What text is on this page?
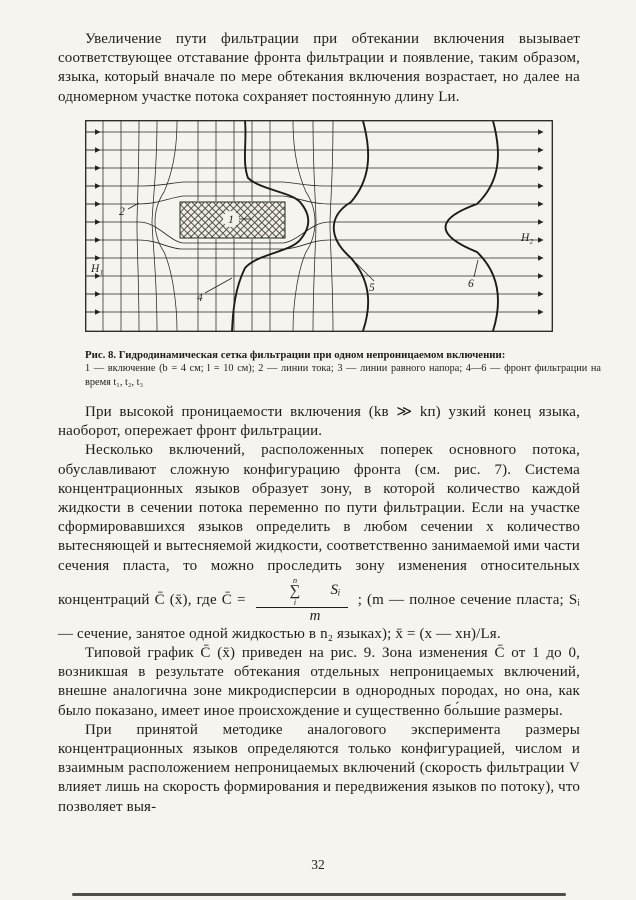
Увеличение пути фильтрации при обтекании включения вызывает соответствующее отставание фронта фильтрации и появление, таким образом, языка, который вначале по мере обтекания включения возрастает, но далее на одномерном участке потока сохраняет постоянную длину Lи.

1
2
4
5	6
H₁
H₂
Рис. 8. Гидродинамическая сетка фильтрации при одном непроницаемом включении:
1 — включение (b = 4 см; l = 10 см); 2 — линии тока; 3 — линии равного напора; 4—6 — фронт фильтрации на время t₁, t₂, t₃

При высокой проницаемости включения (kв ≫ kп) узкий конец языка, наоборот, опережает фронт фильтрации.

Несколько включений, расположенных поперек основного потока, обуславливают сложную конфигурацию фронта (см. рис. 7). Система концентрационных языков образует зону, в которой количество каждой жидкости в сечении потока переменно по пути фильтрации. Если на участке сформировавшихся языков определить в любом сечении x количество вытесняющей и вытесняемой жидкости, соответственно занимаемой ими части сечения пласта, то можно проследить зону изменения относительных концентраций C̄ (x̄), где C̄ = n
∑
i
Sᵢ
m ; (m — полное сечение пласта; Sᵢ — сечение, занятое одной жидкостью в n₂ языках); x̄ = (x — xн)/Lя.

Типовой график C̄ (x̄) приведен на рис. 9. Зона изменения C̄ от 1 до 0, возникшая в результате обтекания отдельных непроницаемых включений, внешне аналогична зоне микродисперсии в однородных породах, но она, как было показано, имеет иное происхождение и существенно бо́льшие размеры.

При принятой методике аналогового эксперимента размеры концентрационных языков определяются только конфигурацией, числом и взаимным расположением непроницаемых включений (скорость фильтрации V влияет лишь на скорость формирования и передвижения языков по потоку), что позволяет выя-

32
